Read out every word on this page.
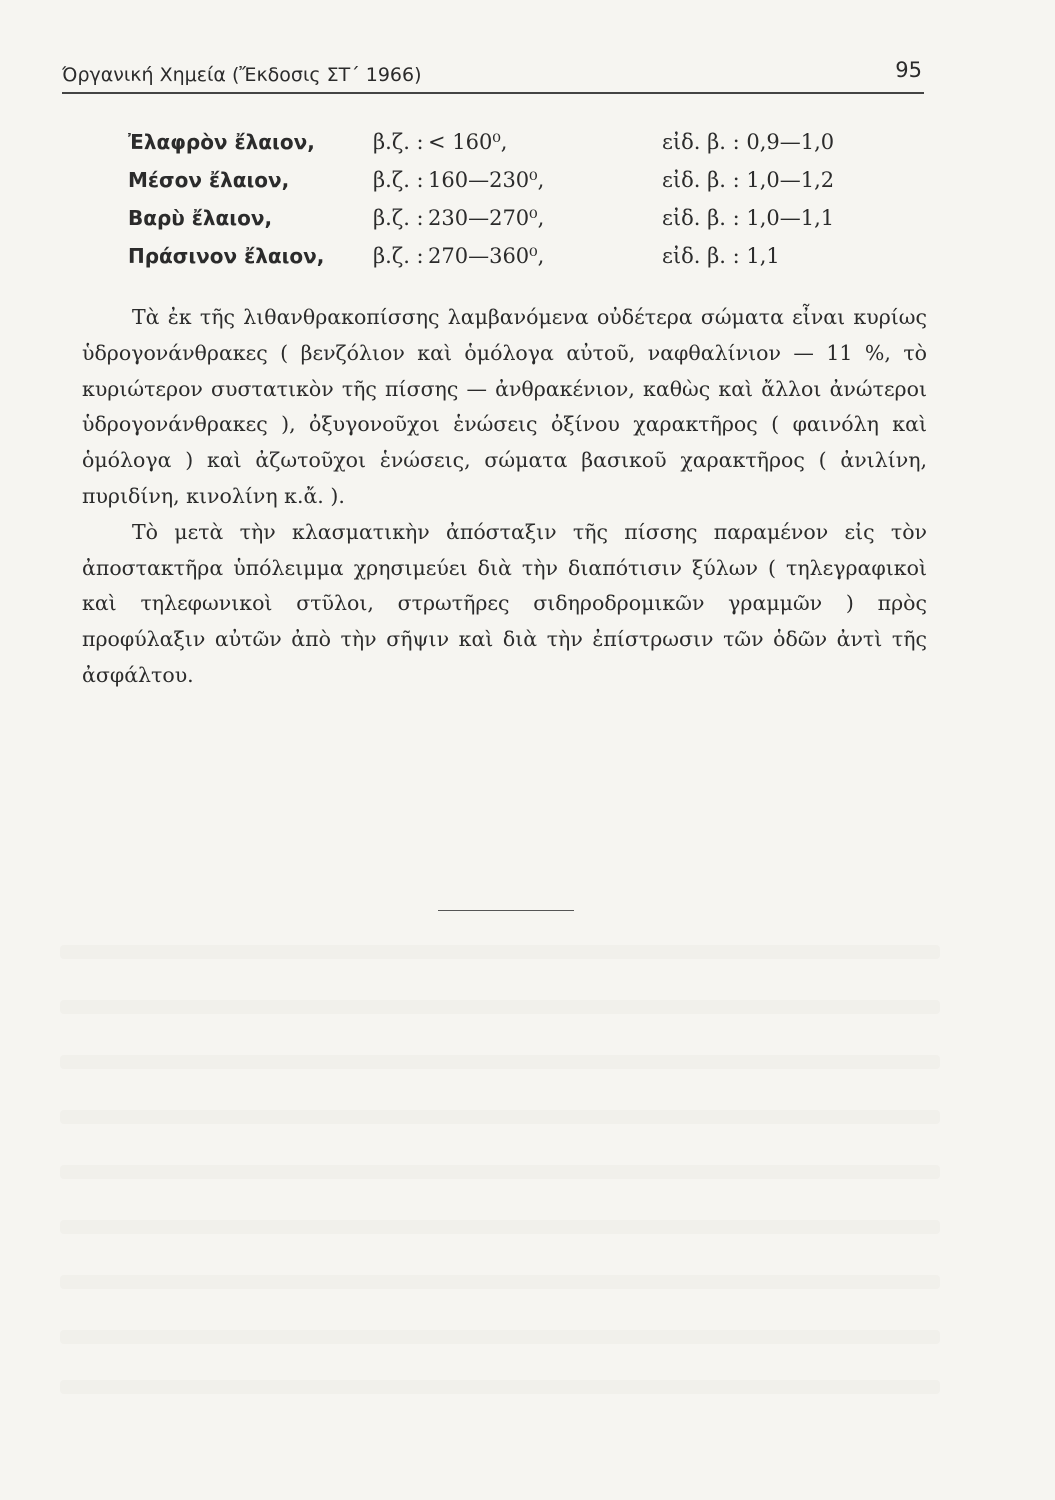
Όργανική Χημεία (Ἔκδοσις ΣΤ΄ 1966)	95
Ἐλαφρὸν ἔλαιον,	β.ζ. : < 160⁰,	εἰδ. β. : 0,9—1,0
Μέσον ἔλαιον,	β.ζ. : 160—230⁰,	εἰδ. β. : 1,0—1,2
Βαρὺ ἔλαιον,	β.ζ. : 230—270⁰,	εἰδ. β. : 1,0—1,1
Πράσινον ἔλαιον, β.ζ. : 270—360⁰,	εἰδ. β. : 1,1

Τὰ ἐκ τῆς λιθανθρακοπίσσης λαμβανόμενα οὐδέτερα σώματα εἶναι κυρίως ὑδρογονάνθρακες ( βενζόλιον καὶ ὁμόλογα αὐτοῦ, ναφθαλίνιον — 11 %, τὸ κυριώτερον συστατικὸν τῆς πίσσης — ἀνθρακένιον, καθὼς καὶ ἄλλοι ἀνώτεροι ὑδρογονάνθρακες ), ὀξυγονοῦχοι ἑνώσεις ὀξίνου χαρακτῆρος ( φαινόλη καὶ ὁμόλογα ) καὶ ἀζωτοῦχοι ἑνώσεις, σώματα βασικοῦ χαρακτῆρος ( ἀνιλίνη, πυριδίνη, κινολίνη κ.ἄ. ).

Τὸ μετὰ τὴν κλασματικὴν ἀπόσταξιν τῆς πίσσης παραμένον εἰς τὸν ἀποστακτῆρα ὑπόλειμμα χρησιμεύει διὰ τὴν διαπότισιν ξύλων ( τηλεγραφικοὶ καὶ τηλεφωνικοὶ στῦλοι, στρωτῆρες σιδηροδρομικῶν γραμμῶν ) πρὸς προφύλαξιν αὐτῶν ἀπὸ τὴν σῆψιν καὶ διὰ τὴν ἐπίστρωσιν τῶν ὁδῶν ἀντὶ τῆς ἀσφάλτου.
